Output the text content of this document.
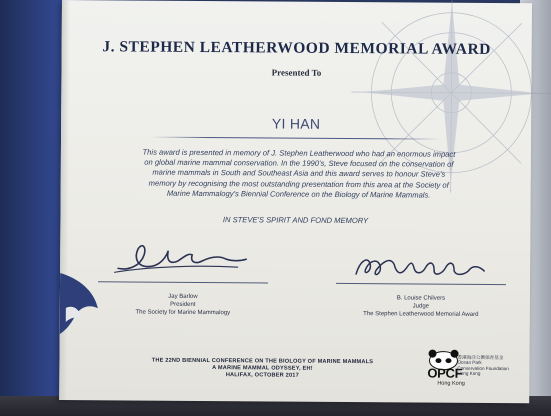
J. STEPHEN LEATHERWOOD MEMORIAL AWARD
Presented To
YI HAN
This award is presented in memory of J. Stephen Leatherwood who had an enormous impact
on global marine mammal conservation. In the 1990's, Steve focused on the conservation of
marine mammals in South and Southeast Asia and this award serves to honour Steve's
memory by recognising the most outstanding presentation from this area at the Society of
Marine Mammalogy's Biennial Conference on the Biology of Marine Mammals.
IN STEVE'S SPIRIT AND FOND MEMORY
Jay Barlow
President
The Society for Marine Mammalogy
B. Louise Chilvers
Judge
The Stephen Leatherwood Memorial Award
THE 22ND BIENNIAL CONFERENCE ON THE BIOLOGY OF MARINE MAMMALS
A MARINE MAMMAL ODYSSEY, EH!
HALIFAX, OCTOBER 2017	OPCF
Hong Kong
香港海洋公園保育基金
Ocean Park
Conservation Foundation
Hong Kong
